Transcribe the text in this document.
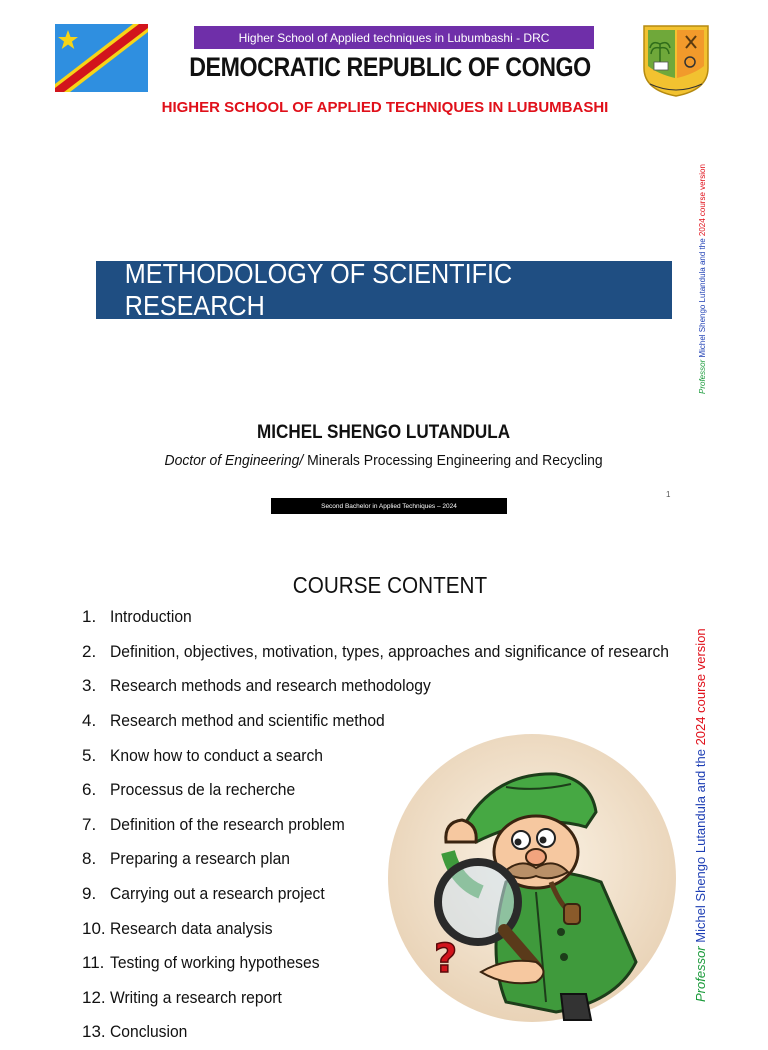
Higher School of Applied techniques in Lubumbashi - DRC
DEMOCRATIC REPUBLIC OF CONGO
HIGHER SCHOOL OF APPLIED TECHNIQUES IN LUBUMBASHI
METHODOLOGY OF SCIENTIFIC RESEARCH
Professor Michel Shengo Lutandula and the 2024 course version
MICHEL SHENGO LUTANDULA
Doctor of Engineering/ Minerals Processing Engineering and Recycling
1
Second Bachelor in Applied Techniques – 2024
COURSE CONTENT
1.
Introduction
2.
Definition, objectives, motivation, types, approaches and significance of research
3.
Research methods and research methodology
4.
Research method and scientific method
5.
Know how to conduct a search
6.
Processus de la recherche
7.
Definition of the research problem
8.
Preparing a research plan
9.
Carrying out a research project
10.
Research data analysis
11.
Testing of working hypotheses
12.
Writing a research report
13.
Conclusion
Professor Michel Shengo Lutandula and the 2024 course version
?
